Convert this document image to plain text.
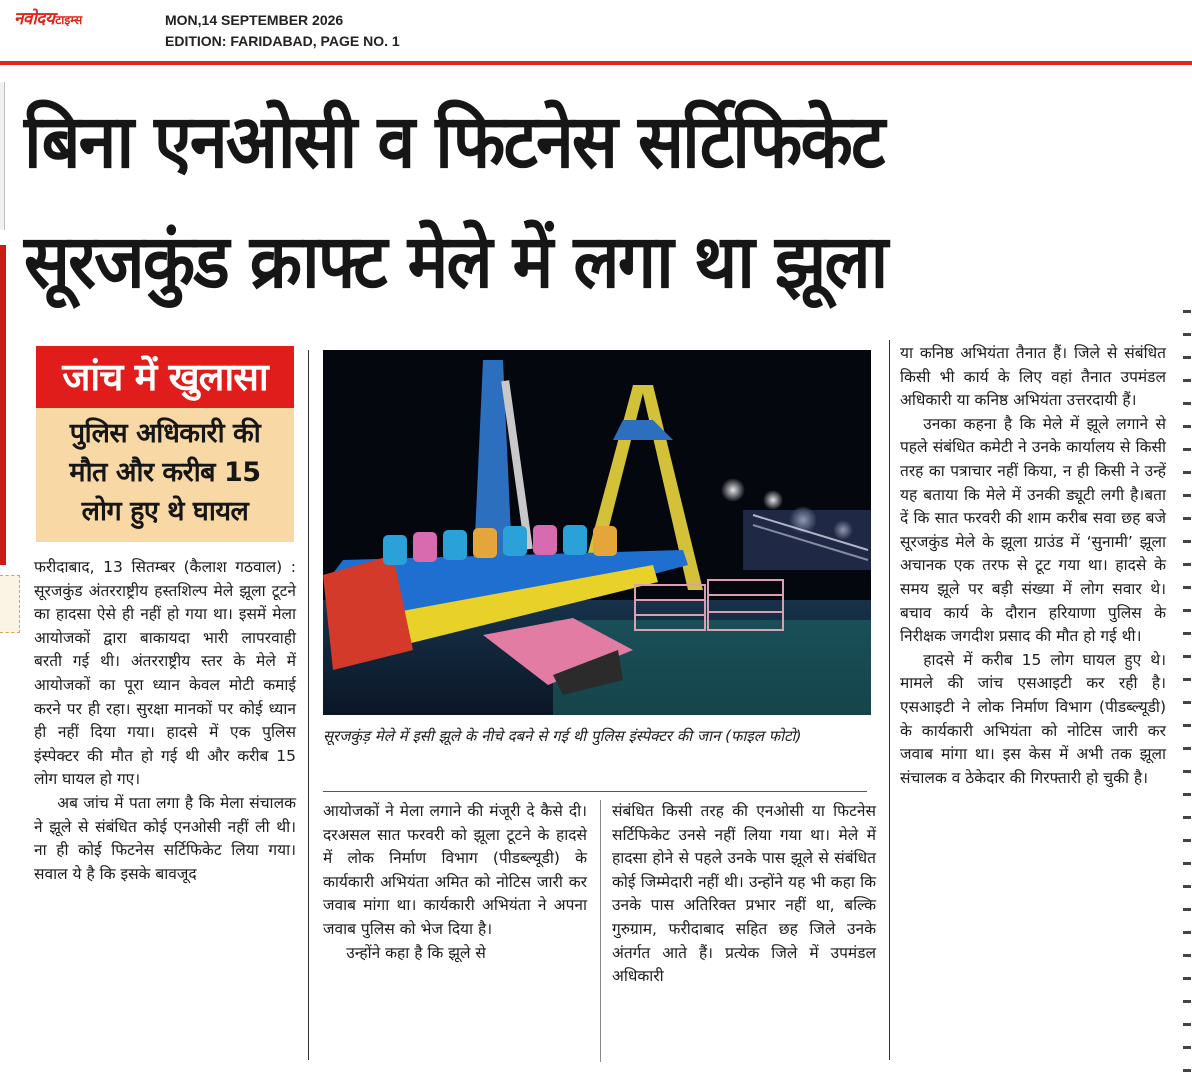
नवोदय टाइम्स	MON,14 SEPTEMBER 2026
EDITION: FARIDABAD, PAGE NO. 1
बिना एनओसी व फिटनेस सर्टिफिकेट
सूरजकुंड क्राफ्ट मेले में लगा था झूला
जांच में खुलासा
पुलिस अधिकारी की
मौत और करीब 15
लोग हुए थे घायल
सूरजकुंड़ मेले में इसी झूले के नीचे दबने से गई थी पुलिस इंस्पेक्टर की जान (फाइल फोटो)

फरीदाबाद, 13 सितम्बर (कैलाश गठवाल) : सूरजकुंड अंतरराष्ट्रीय हस्तशिल्प मेले झूला टूटने का हादसा ऐसे ही नहीं हो गया था। इसमें मेला आयोजकों द्वारा बाकायदा भारी लापरवाही बरती गई थी। अंतरराष्ट्रीय स्तर के मेले में आयोजकों का पूरा ध्यान केवल मोटी कमाई करने पर ही रहा। सुरक्षा मानकों पर कोई ध्यान ही नहीं दिया गया। हादसे में एक पुलिस इंस्पेक्टर की मौत हो गई थी और करीब 15 लोग घायल हो गए।

अब जांच में पता लगा है कि मेला संचालक ने झूले से संबंधित कोई एनओसी नहीं ली थी। ना ही कोई फिटनेस सर्टिफिकेट लिया गया। सवाल ये है कि इसके बावजूद

आयोजकों ने मेला लगाने की मंजूरी दे कैसे दी। दरअसल सात फरवरी को झूला टूटने के हादसे में लोक निर्माण विभाग (पीडब्ल्यूडी) के कार्यकारी अभियंता अमित को नोटिस जारी कर जवाब मांगा था। कार्यकारी अभियंता ने अपना जवाब पुलिस को भेज दिया है।

उन्होंने कहा है कि झूले से

संबंधित किसी तरह की एनओसी या फिटनेस सर्टिफिकेट उनसे नहीं लिया गया था। मेले में हादसा होने से पहले उनके पास झूले से संबंधित कोई जिम्मेदारी नहीं थी। उन्होंने यह भी कहा कि उनके पास अतिरिक्त प्रभार नहीं था, बल्कि गुरुग्राम, फरीदाबाद सहित छह जिले उनके अंतर्गत आते हैं। प्रत्येक जिले में उपमंडल अधिकारी

या कनिष्ठ अभियंता तैनात हैं। जिले से संबंधित किसी भी कार्य के लिए वहां तैनात उपमंडल अधिकारी या कनिष्ठ अभियंता उत्तरदायी हैं।

उनका कहना है कि मेले में झूले लगाने से पहले संबंधित कमेटी ने उनके कार्यालय से किसी तरह का पत्राचार नहीं किया, न ही किसी ने उन्हें यह बताया कि मेले में उनकी ड्यूटी लगी है।बता दें कि सात फरवरी की शाम करीब सवा छह बजे सूरजकुंड मेले के झूला ग्राउंड में ‘सुनामी’ झूला अचानक एक तरफ से टूट गया था। हादसे के समय झूले पर बड़ी संख्या में लोग सवार थे। बचाव कार्य के दौरान हरियाणा पुलिस के निरीक्षक जगदीश प्रसाद की मौत हो गई थी।

हादसे में करीब 15 लोग घायल हुए थे। मामले की जांच एसआइटी कर रही है। एसआइटी ने लोक निर्माण विभाग (पीडब्ल्यूडी) के कार्यकारी अभियंता को नोटिस जारी कर जवाब मांगा था। इस केस में अभी तक झूला संचालक व ठेकेदार की गिरफ्तारी हो चुकी है।
